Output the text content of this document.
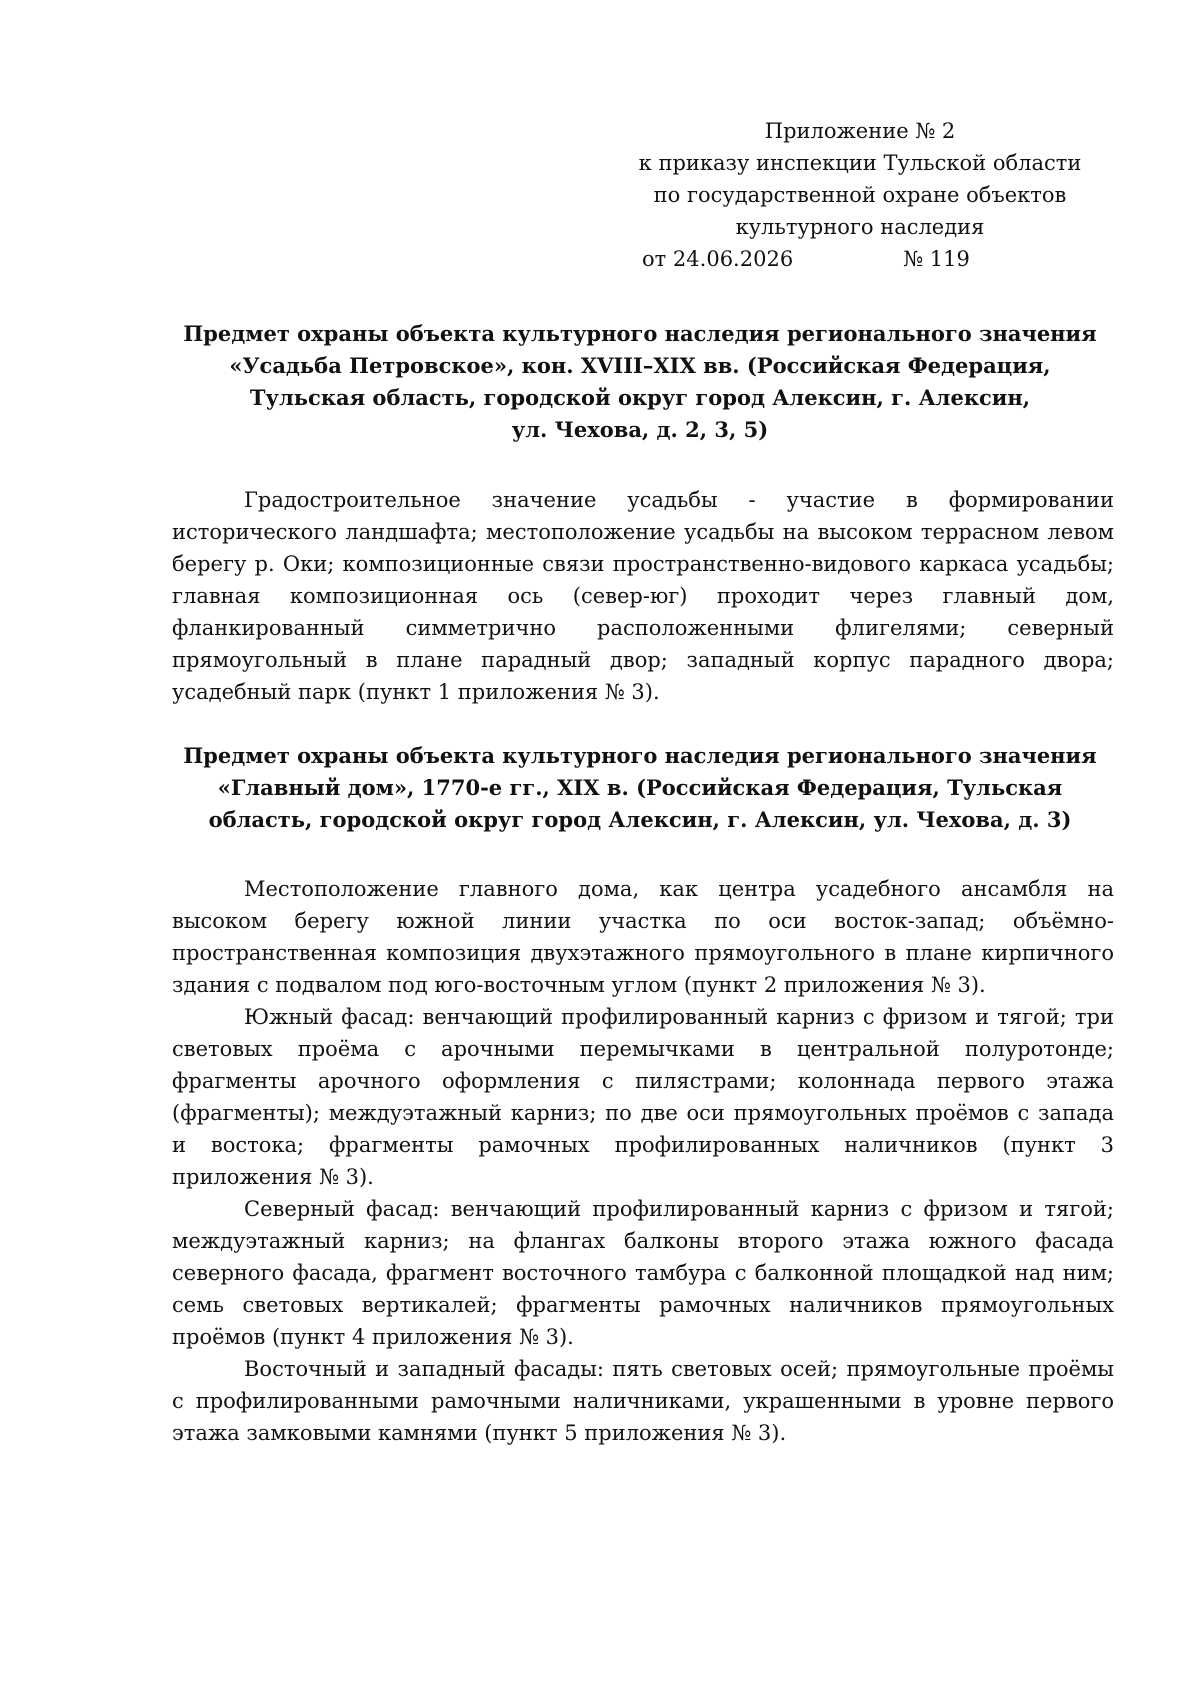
Приложение № 2
к приказу инспекции Тульской области
по государственной охране объектов
культурного наследия
от 24.06.2026	№ 119
Предмет охраны объекта культурного наследия регионального значения
«Усадьба Петровское», кон. XVIII–XIX вв. (Российская Федерация,
Тульская область, городской округ город Алексин, г. Алексин,
ул. Чехова, д. 2, 3, 5)

Градостроительное значение усадьбы - участие в формировании исторического ландшафта; местоположение усадьбы на высоком террасном левом берегу р. Оки; композиционные связи пространственно-видового каркаса усадьбы; главная композиционная ось (север-юг) проходит через главный дом, фланкированный симметрично расположенными флигелями; северный прямоугольный в плане парадный двор; западный корпус парадного двора; усадебный парк (пункт 1 приложения № 3).

Предмет охраны объекта культурного наследия регионального значения
«Главный дом», 1770-е гг., XIX в. (Российская Федерация, Тульская
область, городской округ город Алексин, г. Алексин, ул. Чехова, д. 3)

Местоположение главного дома, как центра усадебного ансамбля на высоком берегу южной линии участка по оси восток-запад; объёмно-пространственная композиция двухэтажного прямоугольного в плане кирпичного здания с подвалом под юго-восточным углом (пункт 2 приложения № 3).

Южный фасад: венчающий профилированный карниз с фризом и тягой; три световых проёма с арочными перемычками в центральной полуротонде; фрагменты арочного оформления с пилястрами; колоннада первого этажа (фрагменты); междуэтажный карниз; по две оси прямоугольных проёмов с запада и востока; фрагменты рамочных профилированных наличников (пункт 3 приложения № 3).

Северный фасад: венчающий профилированный карниз с фризом и тягой; междуэтажный карниз; на флангах балконы второго этажа южного фасада северного фасада, фрагмент восточного тамбура с балконной площадкой над ним; семь световых вертикалей; фрагменты рамочных наличников прямоугольных проёмов (пункт 4 приложения № 3).

Восточный и западный фасады: пять световых осей; прямоугольные проёмы с профилированными рамочными наличниками, украшенными в уровне первого этажа замковыми камнями (пункт 5 приложения № 3).
